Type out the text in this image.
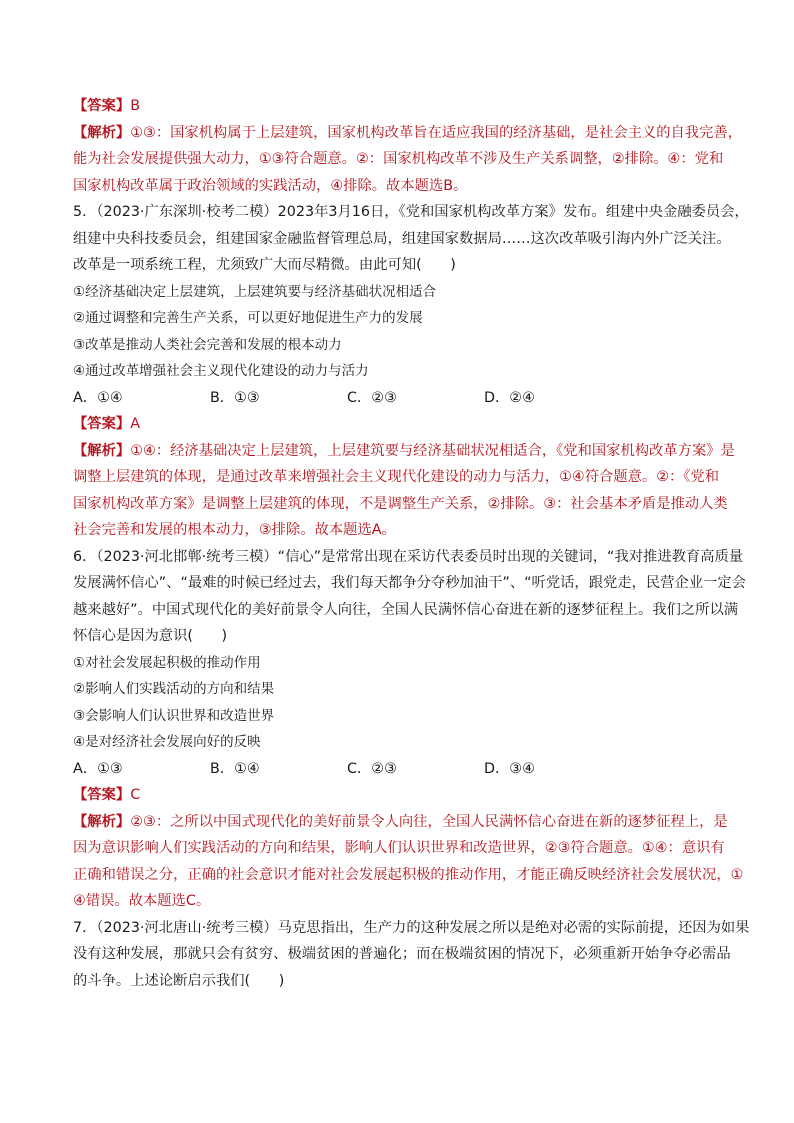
【答案】B
【解析】①③：国家机构属于上层建筑，国家机构改革旨在适应我国的经济基础，是社会主义的自我完善，
能为社会发展提供强大动力，①③符合题意。②：国家机构改革不涉及生产关系调整，②排除。④：党和
国家机构改革属于政治领域的实践活动，④排除。故本题选B。
5．（2023·广东深圳·校考二模）2023年3月16日，《党和国家机构改革方案》发布。组建中央金融委员会，
组建中央科技委员会，组建国家金融监督管理总局，组建国家数据局……这次改革吸引海内外广泛关注。
改革是一项系统工程，尤须致广大而尽精微。由此可知(　　)
①经济基础决定上层建筑，上层建筑要与经济基础状况相适合
②通过调整和完善生产关系，可以更好地促进生产力的发展
③改革是推动人类社会完善和发展的根本动力
④通过改革增强社会主义现代化建设的动力与活力
A．①④	B．①③	C．②③	D．②④
【答案】A
【解析】①④：经济基础决定上层建筑，上层建筑要与经济基础状况相适合，《党和国家机构改革方案》是
调整上层建筑的体现，是通过改革来增强社会主义现代化建设的动力与活力，①④符合题意。②：《党和
国家机构改革方案》是调整上层建筑的体现，不是调整生产关系，②排除。③：社会基本矛盾是推动人类
社会完善和发展的根本动力，③排除。故本题选A。
6．（2023·河北邯郸·统考三模）“信心”是常常出现在采访代表委员时出现的关键词，“我对推进教育高质量
发展满怀信心”、“最难的时候已经过去，我们每天都争分夺秒加油干”、“听党话，跟党走，民营企业一定会
越来越好”。中国式现代化的美好前景令人向往，全国人民满怀信心奋进在新的逐梦征程上。我们之所以满
怀信心是因为意识(　　)
①对社会发展起积极的推动作用
②影响人们实践活动的方向和结果
③会影响人们认识世界和改造世界
④是对经济社会发展向好的反映
A．①③	B．①④	C．②③	D．③④
【答案】C
【解析】②③：之所以中国式现代化的美好前景令人向往，全国人民满怀信心奋进在新的逐梦征程上，是
因为意识影响人们实践活动的方向和结果，影响人们认识世界和改造世界，②③符合题意。①④：意识有
正确和错误之分，正确的社会意识才能对社会发展起积极的推动作用，才能正确反映经济社会发展状况，①
④错误。故本题选C。
7．（2023·河北唐山·统考三模）马克思指出，生产力的这种发展之所以是绝对必需的实际前提，还因为如果
没有这种发展，那就只会有贫穷、极端贫困的普遍化；而在极端贫困的情况下，必须重新开始争夺必需品
的斗争。上述论断启示我们(　　)
